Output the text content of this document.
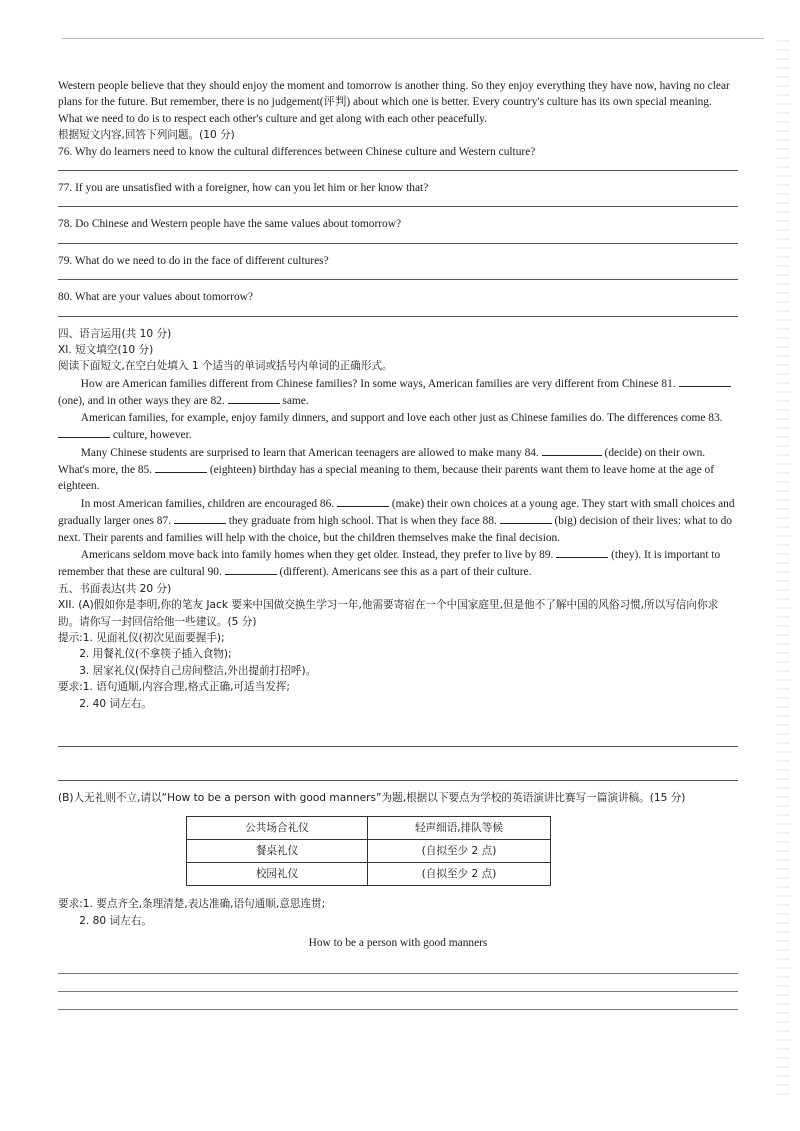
Western people believe that they should enjoy the moment and tomorrow is another thing. So they enjoy everything they have now, having no clear plans for the future. But remember, there is no judgement(评判) about which one is better. Every country's culture has its own special meaning. What we need to do is to respect each other's culture and get along with each other peacefully.

根据短文内容,回答下列问题。(10 分)

76. Why do learners need to know the cultural differences between Chinese culture and Western culture?

77. If you are unsatisfied with a foreigner, how can you let him or her know that?

78. Do Chinese and Western people have the same values about tomorrow?

79. What do we need to do in the face of different cultures?

80. What are your values about tomorrow?

四、语言运用(共 10 分)

XI. 短文填空(10 分)

阅读下面短文,在空白处填入 1 个适当的单词或括号内单词的正确形式。

How are American families different from Chinese families? In some ways, American families are very different from Chinese 81.  (one), and in other ways they are 82.	same.

American families, for example, enjoy family dinners, and support and love each other just as Chinese families do. The differences come 83.  culture, however.

Many Chinese students are surprised to learn that American teenagers are allowed to make many 84.	(decide) on their own. What's more, the 85.	(eighteen) birthday has a special meaning to them, because their parents want them to leave home at the age of eighteen.

In most American families, children are encouraged 86.	(make) their own choices at a young age. They start with small choices and gradually larger ones 87.	they graduate from high school. That is when they face 88.	(big) decision of their lives: what to do next. Their parents and families will help with the choice, but the children themselves make the final decision.

Americans seldom move back into family homes when they get older. Instead, they prefer to live by 89.	(they). It is important to remember that these are cultural 90.	(different). Americans see this as a part of their culture.

五、书面表达(共 20 分)

XII. (A)假如你是李明,你的笔友 Jack 要来中国做交换生学习一年,他需要寄宿在一个中国家庭里,但是他不了解中国的风俗习惯,所以写信向你求助。请你写一封回信给他一些建议。(5 分)

提示:1. 见面礼仪(初次见面要握手);

2. 用餐礼仪(不拿筷子插入食物);

3. 居家礼仪(保持自己房间整洁,外出提前打招呼)。

要求:1. 语句通顺,内容合理,格式正确,可适当发挥;

2. 40 词左右。

(B)人无礼则不立,请以“How to be a person with good manners”为题,根据以下要点为学校的英语演讲比赛写一篇演讲稿。(15 分)

公共场合礼仪	轻声细语,排队等候
餐桌礼仪	(自拟至少 2 点)
校园礼仪	(自拟至少 2 点)

要求:1. 要点齐全,条理清楚,表达准确,语句通顺,意思连贯;

2. 80 词左右。

How to be a person with good manners
